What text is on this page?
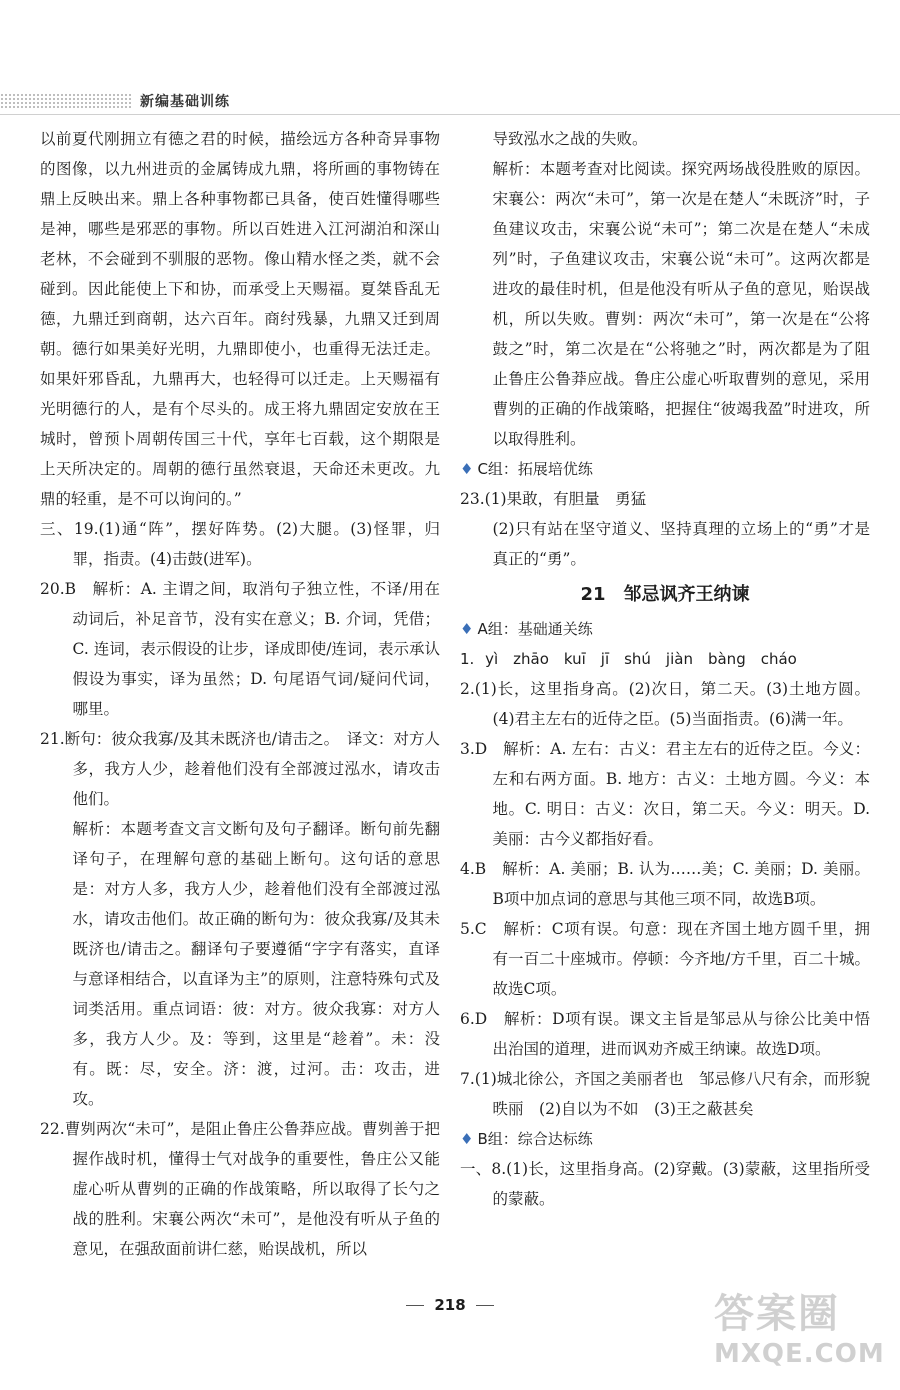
新编基础训练

以前夏代刚拥立有德之君的时候，描绘远方各种奇异事物的图像，以九州进贡的金属铸成九鼎，将所画的事物铸在鼎上反映出来。鼎上各种事物都已具备，使百姓懂得哪些是神，哪些是邪恶的事物。所以百姓进入江河湖泊和深山老林，不会碰到不驯服的恶物。像山精水怪之类，就不会碰到。因此能使上下和协，而承受上天赐福。夏桀昏乱无德，九鼎迁到商朝，达六百年。商纣残暴，九鼎又迁到周朝。德行如果美好光明，九鼎即使小，也重得无法迁走。如果奸邪昏乱，九鼎再大，也轻得可以迁走。上天赐福有光明德行的人，是有个尽头的。成王将九鼎固定安放在王城时，曾预卜周朝传国三十代，享年七百载，这个期限是上天所决定的。周朝的德行虽然衰退，天命还未更改。九鼎的轻重，是不可以询问的。”

三、19.(1)通“阵”，摆好阵势。(2)大腿。(3)怪罪，归罪，指责。(4)击鼓(进军)。

20.B　解析：A. 主谓之间，取消句子独立性，不译/用在动词后，补足音节，没有实在意义；B. 介词，凭借；C. 连词，表示假设的让步，译成即使/连词，表示承认假设为事实，译为虽然；D. 句尾语气词/疑问代词，哪里。

21.断句：彼众我寡/及其未既济也/请击之。　译文：对方人多，我方人少，趁着他们没有全部渡过泓水，请攻击他们。

解析：本题考查文言文断句及句子翻译。断句前先翻译句子，在理解句意的基础上断句。这句话的意思是：对方人多，我方人少，趁着他们没有全部渡过泓水，请攻击他们。故正确的断句为：彼众我寡/及其未既济也/请击之。翻译句子要遵循“字字有落实，直译与意译相结合，以直译为主”的原则，注意特殊句式及词类活用。重点词语：彼：对方。彼众我寡：对方人多，我方人少。及：等到，这里是“趁着”。未：没有。既：尽，安全。济：渡，过河。击：攻击，进攻。

22.曹刿两次“未可”，是阻止鲁庄公鲁莽应战。曹刿善于把握作战时机，懂得士气对战争的重要性，鲁庄公又能虚心听从曹刿的正确的作战策略，所以取得了长勺之战的胜利。宋襄公两次“未可”，是他没有听从子鱼的意见，在强敌面前讲仁慈，贻误战机，所以

导致泓水之战的失败。

解析：本题考查对比阅读。探究两场战役胜败的原因。宋襄公：两次“未可”，第一次是在楚人“未既济”时，子鱼建议攻击，宋襄公说“未可”；第二次是在楚人“未成列”时，子鱼建议攻击，宋襄公说“未可”。这两次都是进攻的最佳时机，但是他没有听从子鱼的意见，贻误战机，所以失败。曹刿：两次“未可”，第一次是在“公将鼓之”时，第二次是在“公将驰之”时，两次都是为了阻止鲁庄公鲁莽应战。鲁庄公虚心听取曹刿的意见，采用曹刿的正确的作战策略，把握住“彼竭我盈”时进攻，所以取得胜利。

♦ C组：拓展培优练

23.(1)果敢，有胆量　勇猛

(2)只有站在坚守道义、坚持真理的立场上的“勇”才是真正的“勇”。

21　邹忌讽齐王纳谏

♦ A组：基础通关练

1. yì　zhāo　kuī　jī　shú　jiàn　bàng　cháo

2.(1)长，这里指身高。(2)次日，第二天。(3)土地方圆。(4)君主左右的近侍之臣。(5)当面指责。(6)满一年。

3.D　解析：A. 左右：古义：君主左右的近侍之臣。今义：左和右两方面。B. 地方：古义：土地方圆。今义：本地。C. 明日：古义：次日，第二天。今义：明天。D. 美丽：古今义都指好看。

4.B　解析：A. 美丽；B. 认为……美；C. 美丽；D. 美丽。B项中加点词的意思与其他三项不同，故选B项。

5.C　解析：C项有误。句意：现在齐国土地方圆千里，拥有一百二十座城市。停顿：今齐地/方千里，百二十城。故选C项。

6.D　解析：D项有误。课文主旨是邹忌从与徐公比美中悟出治国的道理，进而讽劝齐威王纳谏。故选D项。

7.(1)城北徐公，齐国之美丽者也　邹忌修八尺有余，而形貌昳丽　(2)自以为不如　(3)王之蔽甚矣

♦ B组：综合达标练

一、8.(1)长，这里指身高。(2)穿戴。(3)蒙蔽，这里指所受的蒙蔽。

218	答案圈
MXQE.COM
